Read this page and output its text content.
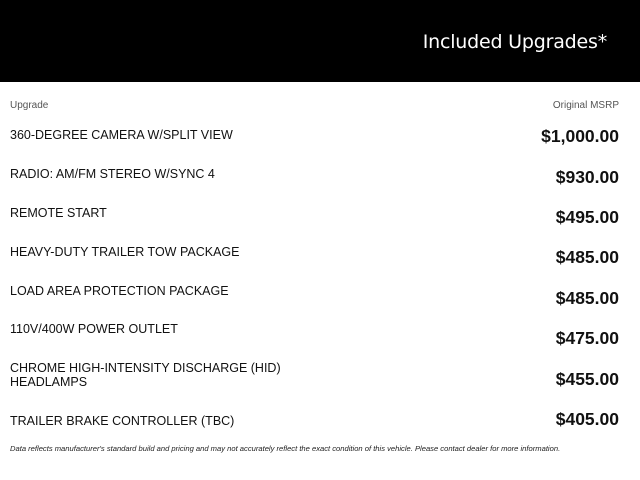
Included Upgrades*
Upgrade	Original MSRP
360-DEGREE CAMERA W/SPLIT VIEW	$1,000.00
RADIO: AM/FM STEREO W/SYNC 4	$930.00
REMOTE START	$495.00
HEAVY-DUTY TRAILER TOW PACKAGE	$485.00
LOAD AREA PROTECTION PACKAGE	$485.00
110V/400W POWER OUTLET	$475.00
CHROME HIGH-INTENSITY DISCHARGE (HID) HEADLAMPS	$455.00
TRAILER BRAKE CONTROLLER (TBC)	$405.00
Data reflects manufacturer's standard build and pricing and may not accurately reflect the exact condition of this vehicle. Please contact dealer for more information.
